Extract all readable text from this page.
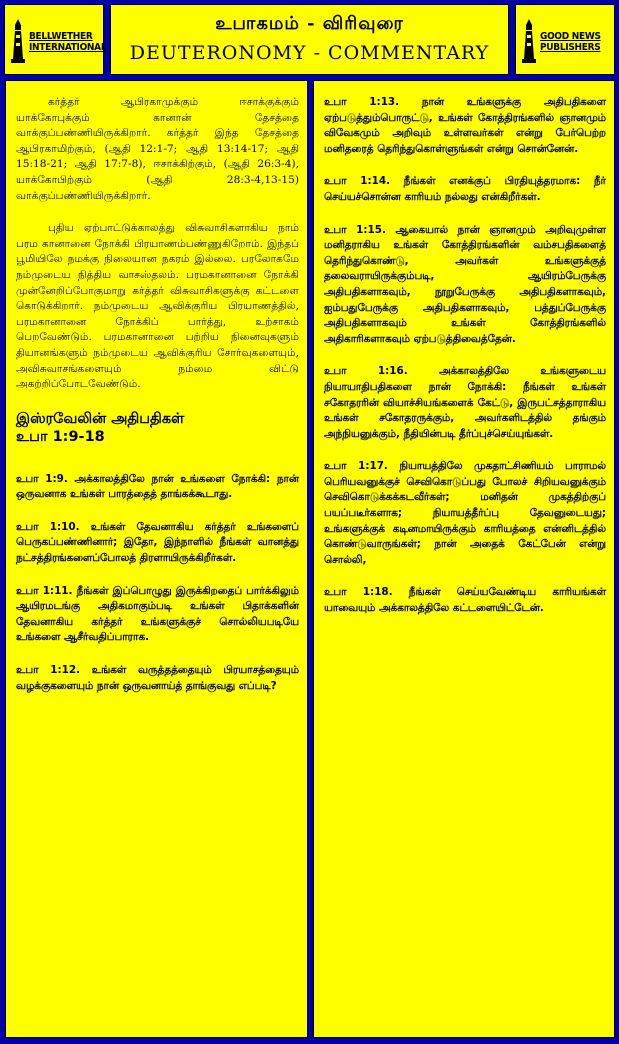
BELLWETHER
INTERNATIONAL
உபாகமம் - விரிவுரை
DEUTERONOMY - COMMENTARY
GOOD NEWS
PUBLISHERS

கர்த்தர் ஆபிரகாமுக்கும் ஈசாக்குக்கும் யாக்கோபுக்கும் கானான் தேசத்தை வாக்குப்பண்ணியிருக்கிறார். கர்த்தர் இந்த தேசத்தை ஆபிரகாமிற்கும், (ஆதி 12:1-7; ஆதி 13:14-17; ஆதி 15:18-21; ஆதி 17:7-8), ஈசாக்கிற்கும், (ஆதி 26:3-4), யாக்கோபிற்கும் (ஆதி 28:3-4,13-15) வாக்குப்பண்ணியிருக்கிறார்.

புதிய ஏற்பாட்டுக்காலத்து விசுவாசிகளாகிய நாம் பரம கானானை நோக்கி பிரயாணம்பண்ணுகிறோம். இந்தப் பூமியிலே நமக்கு நிலையான நகரம் இல்லை. பரலோகமே நம்முடைய நித்திய வாசஸ்தலம். பரமகானானை நோக்கி முன்னேறிப்போகுமாறு கர்த்தர் விசுவாசிகளுக்கு கட்டளை கொடுக்கிறார். நம்முடைய ஆவிக்குரிய பிரயாணத்தில், பரமகானானை நோக்கிப் பார்த்து, உற்சாகம் பெறவேண்டும். பரமகானானை பற்றிய நினைவுகளும் தியானங்களும் நம்முடைய ஆவிக்குரிய சோர்வுகளையும், அவிசுவாசங்களையும் நம்மை விட்டு அகற்றிப்போடவேண்டும்.

இஸ்ரவேலின் அதிபதிகள்
உபா 1:9-18

உபா 1:9. அக்காலத்திலே நான் உங்களை நோக்கி: நான் ஒருவனாக உங்கள் பாரத்தைத் தாங்கக்கூடாது.

உபா 1:10. உங்கள் தேவனாகிய கர்த்தர் உங்களைப் பெருகப்பண்ணினார்; இதோ, இந்நாளில் நீங்கள் வானத்து நட்சத்திரங்களைப்போலத் திரளாயிருக்கிறீர்கள்.

உபா 1:11. நீங்கள் இப்பொழுது இருக்கிறதைப் பார்க்கிலும் ஆயிரமடங்கு அதிகமாகும்படி உங்கள் பிதாக்களின் தேவனாகிய கர்த்தர் உங்களுக்குச் சொல்லியபடியே உங்களை ஆசீர்வதிப்பாராக.

உபா 1:12. உங்கள் வருத்தத்தையும் பிரயாசத்தையும் வழக்குகளையும் நான் ஒருவனாய்த் தாங்குவது எப்படி?

உபா 1:13. நான் உங்களுக்கு அதிபதிகளை ஏற்படுத்தும்பொருட்டு, உங்கள் கோத்திரங்களில் ஞானமும் விவேகமும் அறிவும் உள்ளவர்கள் என்று பேர்பெற்ற மனிதரைத் தெரிந்துகொள்ளுங்கள் என்று சொன்னேன்.

உபா 1:14. நீங்கள் எனக்குப் பிரதியுத்தரமாக: நீர் செய்யச்சொன்ன காரியம் நல்லது என்கிறீர்கள்.

உபா 1:15. ஆகையால் நான் ஞானமும் அறிவுமுள்ள மனிதராகிய உங்கள் கோத்திரங்களின் வம்சபதிகளைத் தெரிந்துகொண்டு, அவர்கள் உங்களுக்குத் தலைவராயிருக்கும்படி, ஆயிரம்பேருக்கு அதிபதிகளாகவும், நூறுபேருக்கு அதிபதிகளாகவும், ஐம்பதுபேருக்கு அதிபதிகளாகவும், பத்துப்பேருக்கு அதிபதிகளாகவும் உங்கள் கோத்திரங்களில் அதிகாரிகளாகவும் ஏற்படுத்திவைத்தேன்.

உபா 1:16. அக்காலத்திலே உங்களுடைய நியாயாதிபதிகளை நான் நோக்கி: நீங்கள் உங்கள் சகோதரரின் வியாச்சியங்களைக் கேட்டு, இருபட்சத்தாராகிய உங்கள் சகோதரருக்கும், அவர்களிடத்தில் தங்கும் அந்நியனுக்கும், நீதியின்படி தீர்ப்புச்செய்யுங்கள்.

உபா 1:17. நியாயத்திலே முகதாட்சிணியம் பாராமல் பெரியவனுக்குச் செவிகொடுப்பது போலச் சிறியவனுக்கும் செவிகொடுக்கக்கடவீர்கள்; மனிதன் முகத்திற்குப் பயப்படீர்களாக; நியாயத்தீர்ப்பு தேவனுடையது; உங்களுக்குக் கடினமாயிருக்கும் காரியத்தை என்னிடத்தில் கொண்டுவாருங்கள்; நான் அதைக் கேட்பேன் என்று சொல்லி,

உபா 1:18. நீங்கள் செய்யவேண்டிய காரியங்கள் யாவையும் அக்காலத்திலே கட்டளையிட்டேன்.
